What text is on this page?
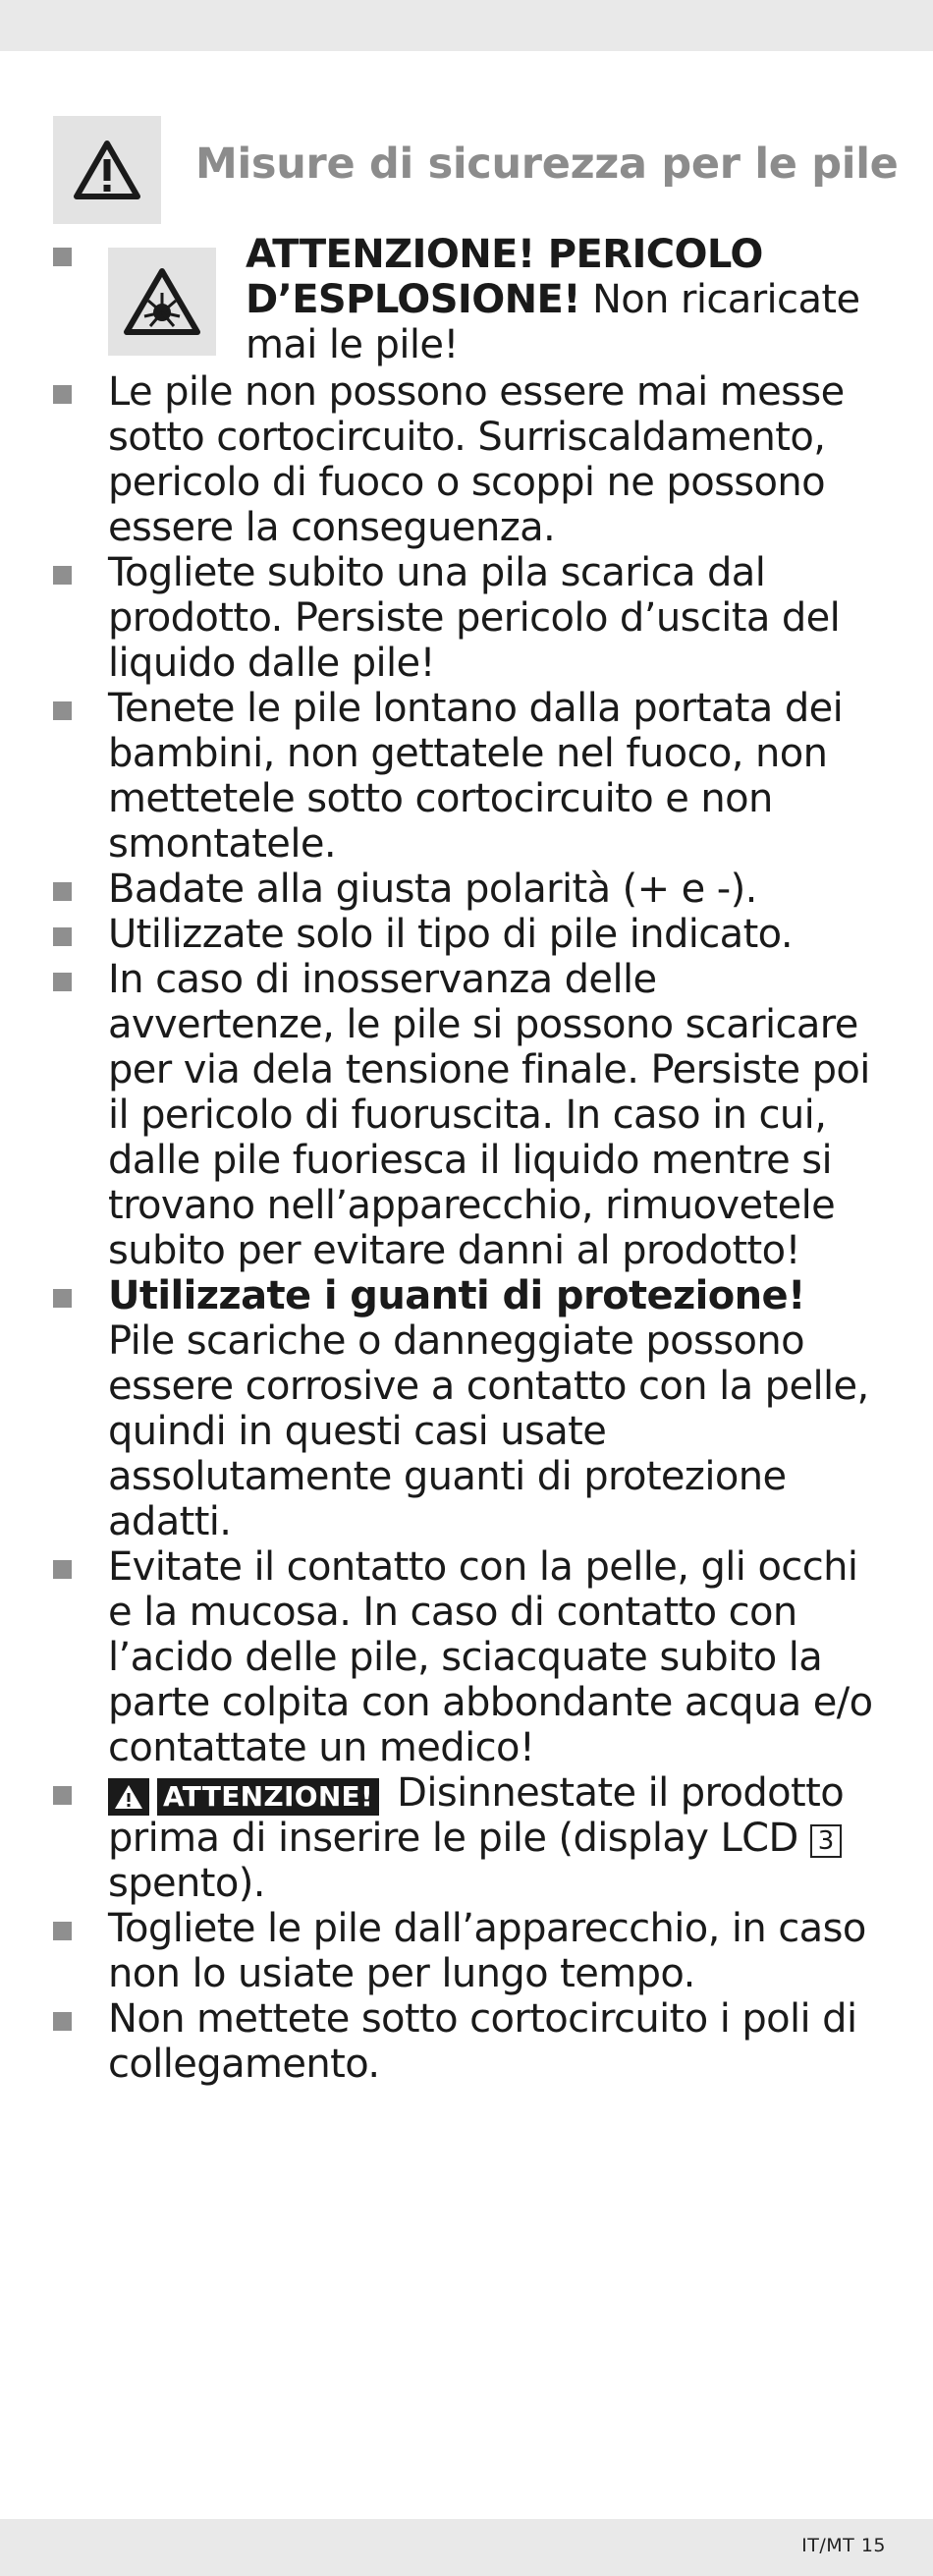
Misure di sicurezza per le pile
ATTENZIONE! PERICOLO D’ESPLOSIONE! Non ricaricate mai le pile!
Le pile non possono essere mai messe sotto cortocircuito. Surriscaldamento, pericolo di fuoco o scoppi ne possono essere la conseguenza.
Togliete subito una pila scarica dal prodotto. Persiste pericolo d’uscita del liquido dalle pile!
Tenete le pile lontano dalla portata dei bambini, non gettatele nel fuoco, non mettetele sotto cortocircuito e non smontatele.
Badate alla giusta polarità (+ e -).
Utilizzate solo il tipo di pile indicato.
In caso di inosservanza delle avvertenze, le pile si possono scaricare per via dela tensione finale. Persiste poi il pericolo di fuoruscita. In caso in cui, dalle pile fuoriesca il liquido mentre si trovano nell’apparecchio, rimuovetele subito per evitare danni al prodotto!
Utilizzate i guanti di protezione!
Pile scariche o danneggiate possono essere corrosive a contatto con la pelle, quindi in questi casi usate assolutamente guanti di protezione adatti.
Evitate il contatto con la pelle, gli occhi e la mucosa. In caso di contatto con l’acido delle pile, sciacquate subito la parte colpita con abbondante acqua e/o contattate un medico!
ATTENZIONE! Disinnestate il prodotto prima di inserire le pile (display LCD 3 spento).
Togliete le pile dall’apparecchio, in caso non lo usiate per lungo tempo.
Non mettete sotto cortocircuito i poli di collegamento.
IT/MT 15
